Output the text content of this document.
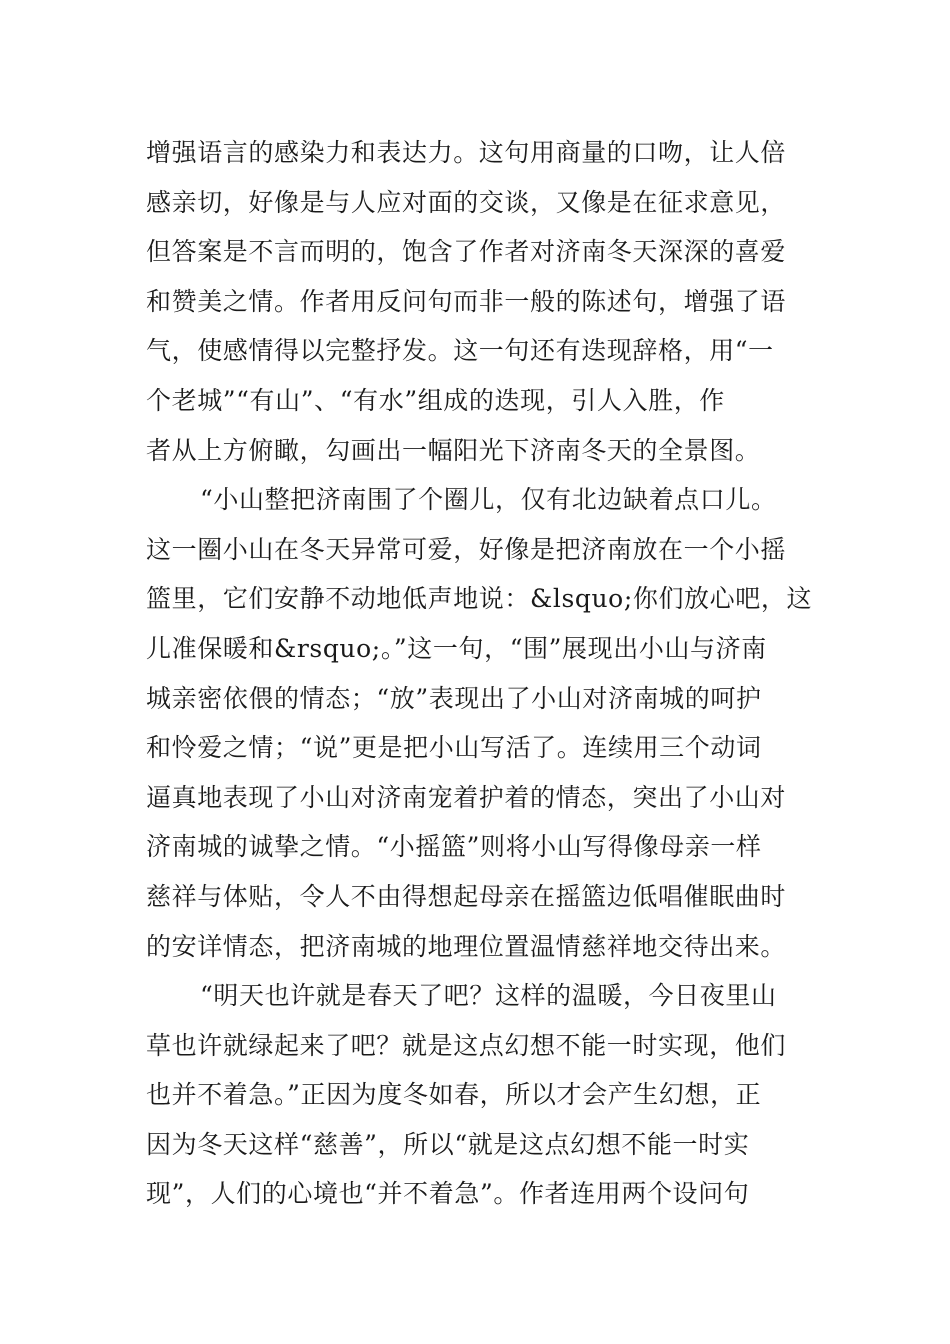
增强语言的感染力和表达力。这句用商量的口吻，让人倍
感亲切，好像是与人应对面的交谈，又像是在征求意见，
但答案是不言而明的，饱含了作者对济南冬天深深的喜爱
和赞美之情。作者用反问句而非一般的陈述句，增强了语
气，使感情得以完整抒发。这一句还有迭现辞格，用“一
个老城”“有山”、“有水”组成的迭现，引人入胜，作
者从上方俯瞰，勾画出一幅阳光下济南冬天的全景图。
“小山整把济南围了个圈儿，仅有北边缺着点口儿。
这一圈小山在冬天异常可爱，好像是把济南放在一个小摇
篮里，它们安静不动地低声地说：&lsquo;你们放心吧，这
儿准保暖和&rsquo;。”这一句，“围”展现出小山与济南
城亲密依偎的情态；“放”表现出了小山对济南城的呵护
和怜爱之情；“说”更是把小山写活了。连续用三个动词
逼真地表现了小山对济南宠着护着的情态，突出了小山对
济南城的诚挚之情。“小摇篮”则将小山写得像母亲一样
慈祥与体贴，令人不由得想起母亲在摇篮边低唱催眠曲时
的安详情态，把济南城的地理位置温情慈祥地交待出来。
“明天也许就是春天了吧？这样的温暖，今日夜里山
草也许就绿起来了吧？就是这点幻想不能一时实现，他们
也并不着急。”正因为度冬如春，所以才会产生幻想，正
因为冬天这样“慈善”，所以“就是这点幻想不能一时实
现”，人们的心境也“并不着急”。作者连用两个设问句
